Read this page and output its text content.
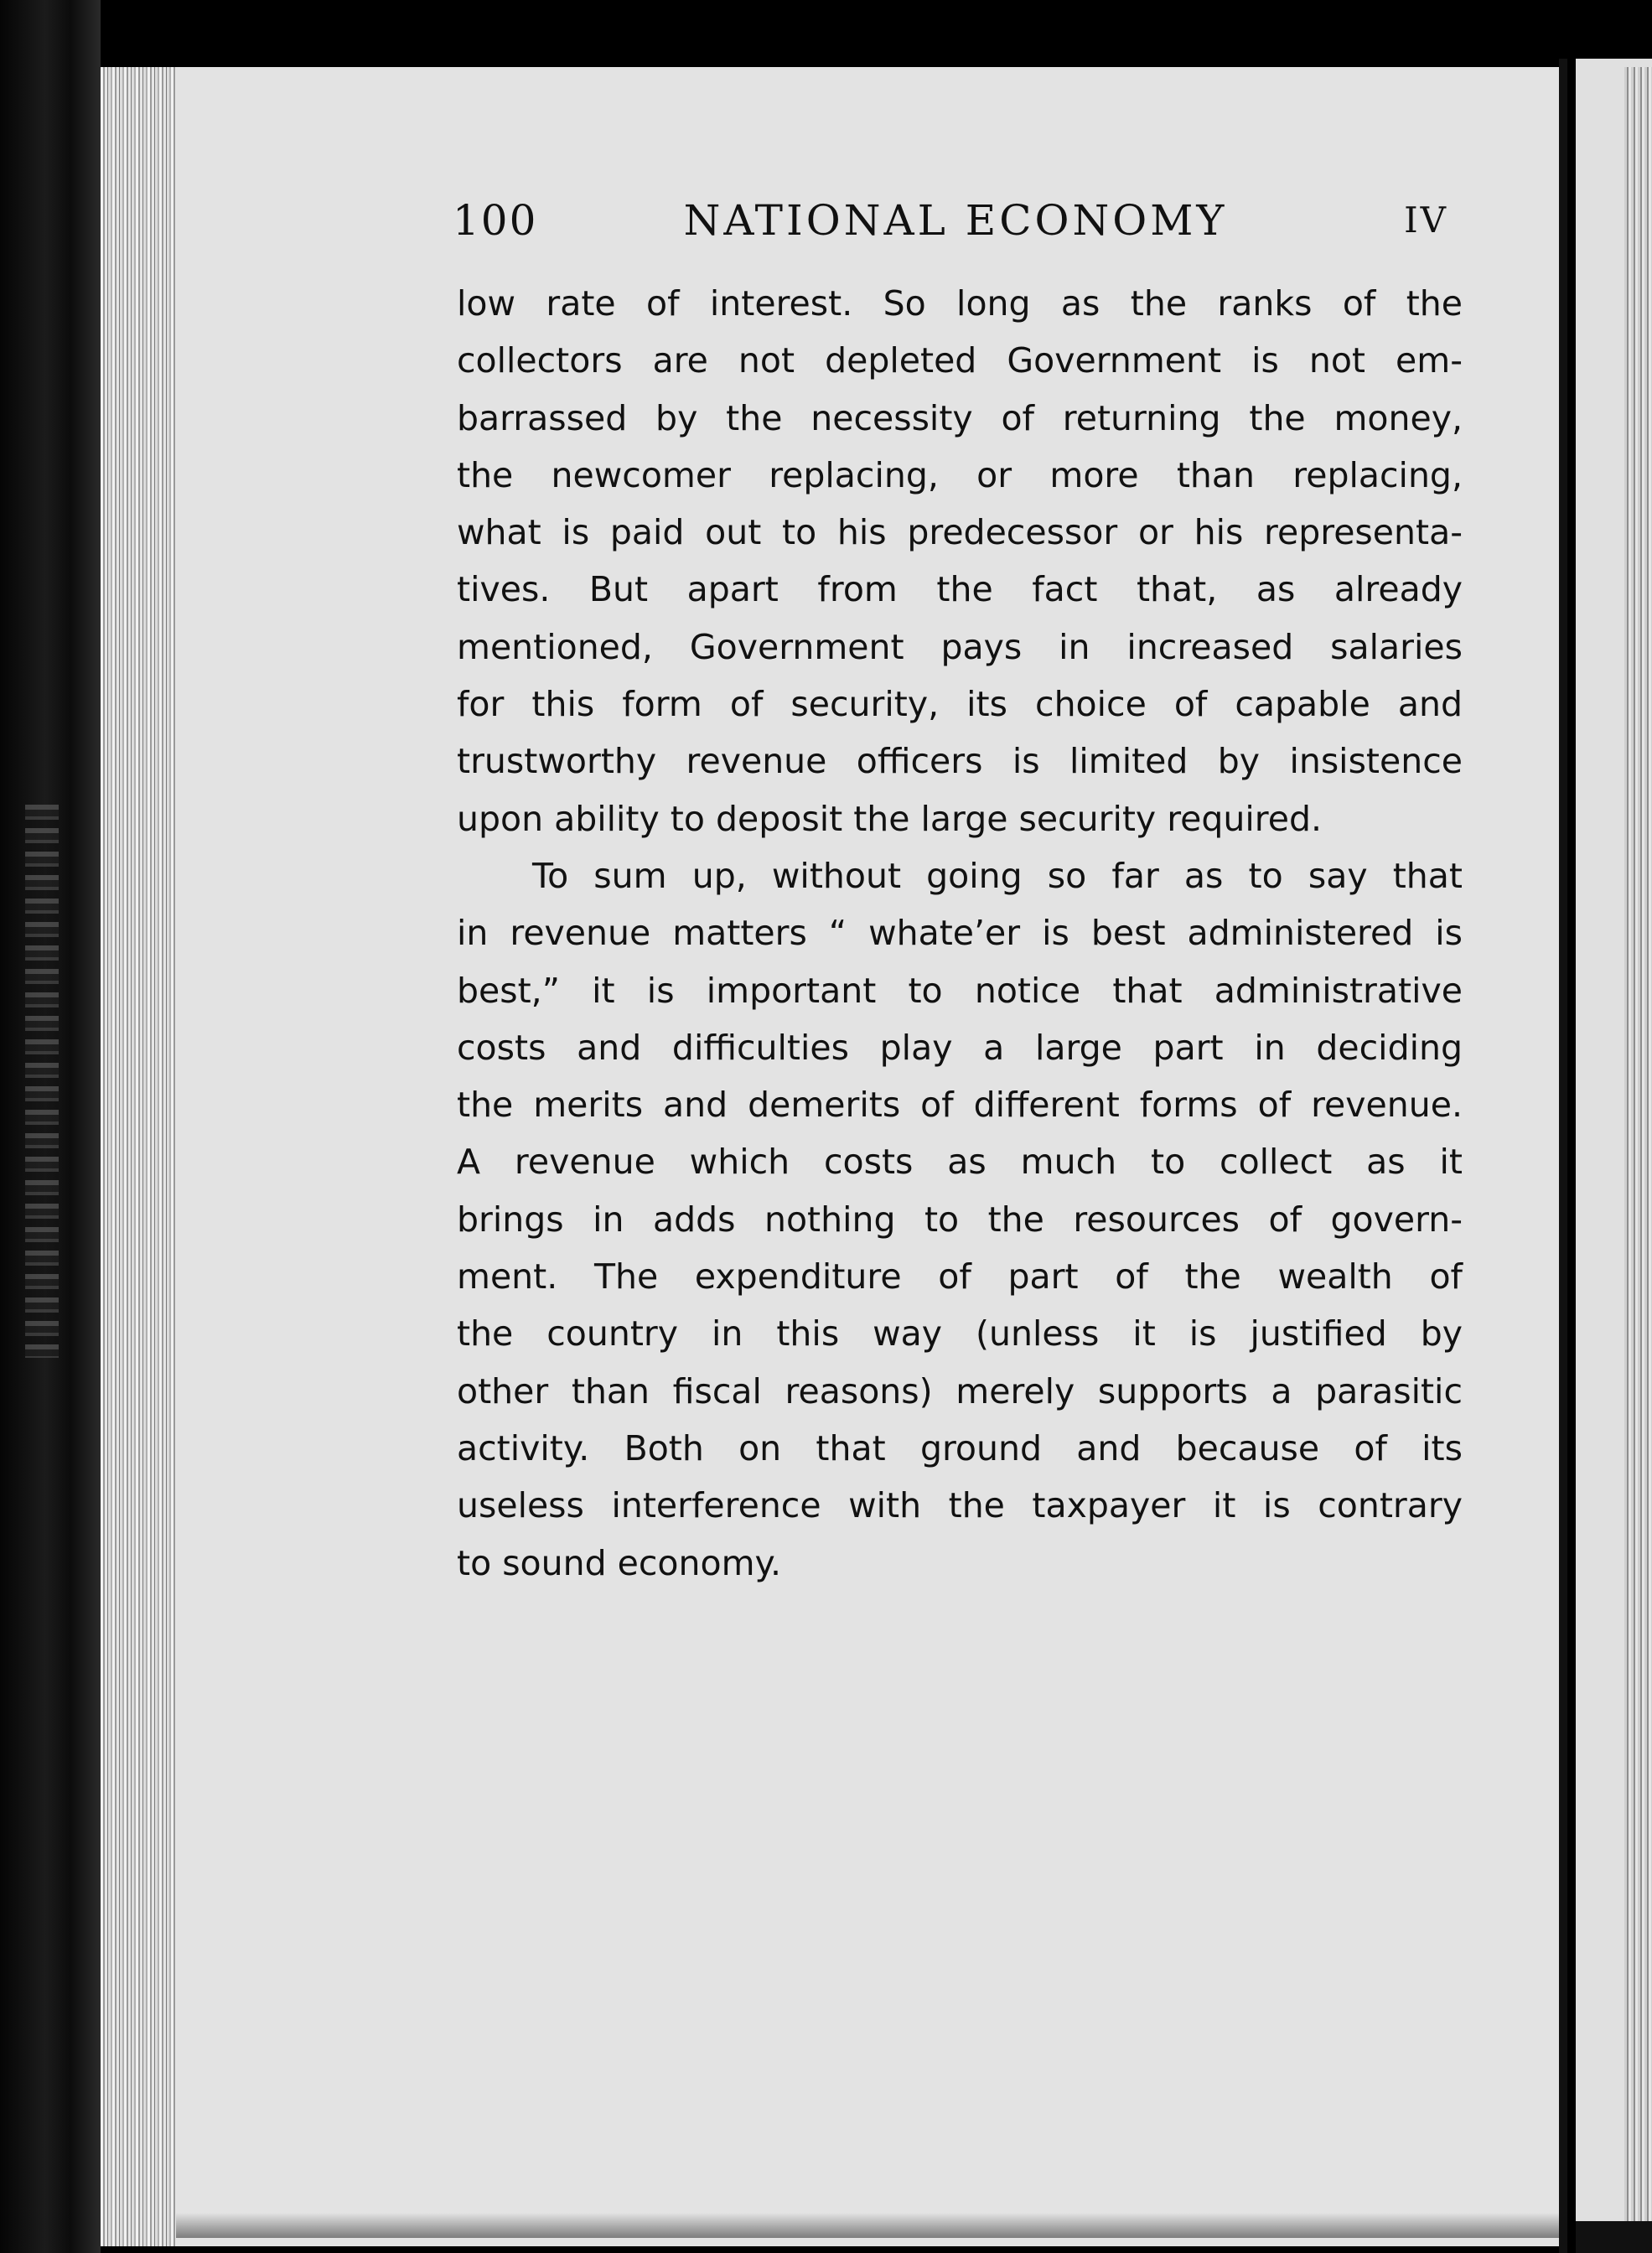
100	NATIONAL ECONOMY	IV
low rate of interest. So long as the ranks of the
collectors are not depleted Government is not em-
barrassed by the necessity of returning the money,
the newcomer replacing, or more than replacing,
what is paid out to his predecessor or his representa-
tives. But apart from the fact that, as already
mentioned, Government pays in increased salaries
for this form of security, its choice of capable and
trustworthy revenue officers is limited by insistence
upon ability to deposit the large security required.
To sum up, without going so far as to say that
in revenue matters “ whate’er is best administered is
best,” it is important to notice that administrative
costs and difficulties play a large part in deciding
the merits and demerits of different forms of revenue.
A revenue which costs as much to collect as it
brings in adds nothing to the resources of govern-
ment. The expenditure of part of the wealth of
the country in this way (unless it is justified by
other than fiscal reasons) merely supports a parasitic
activity. Both on that ground and because of its
useless interference with the taxpayer it is contrary
to sound economy.
